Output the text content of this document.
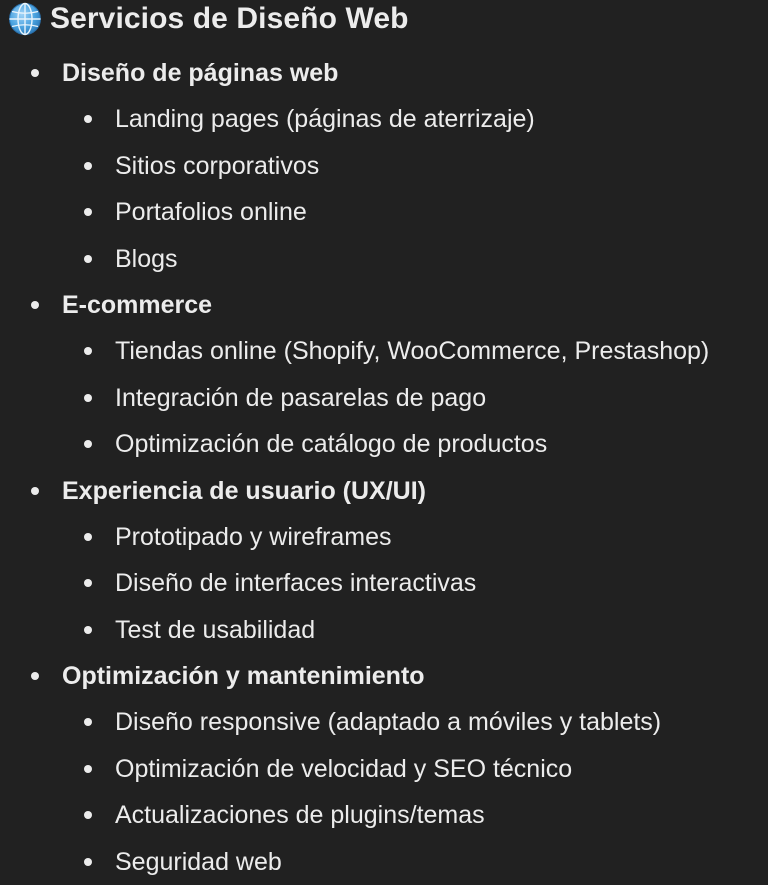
Servicios de Diseño Web
Diseño de páginas web
Landing pages (páginas de aterrizaje)
Sitios corporativos
Portafolios online
Blogs
E-commerce
Tiendas online (Shopify, WooCommerce, Prestashop)
Integración de pasarelas de pago
Optimización de catálogo de productos
Experiencia de usuario (UX/UI)
Prototipado y wireframes
Diseño de interfaces interactivas
Test de usabilidad
Optimización y mantenimiento
Diseño responsive (adaptado a móviles y tablets)
Optimización de velocidad y SEO técnico
Actualizaciones de plugins/temas
Seguridad web
